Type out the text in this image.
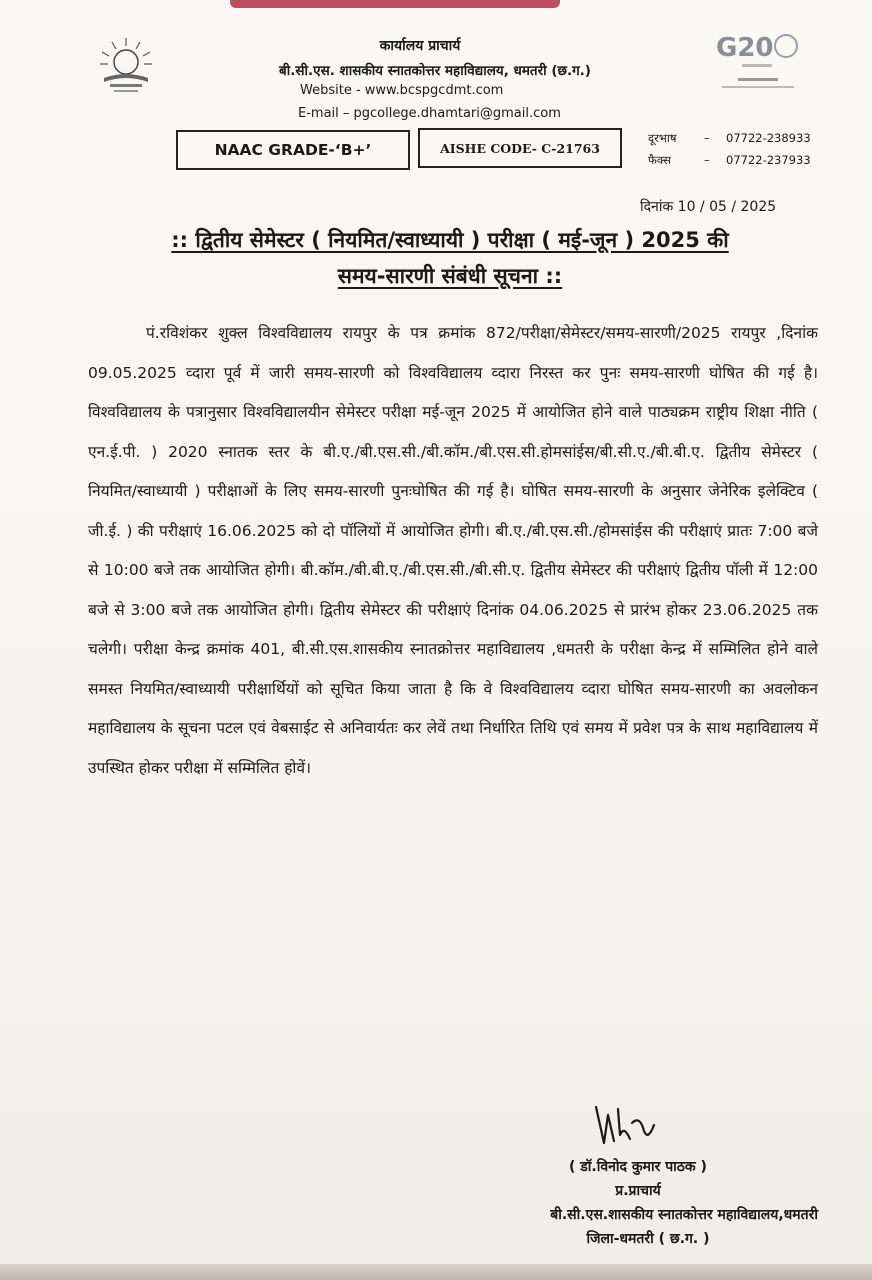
G20
कार्यालय प्राचार्य
बी.सी.एस. शासकीय स्नातकोत्तर महाविद्यालय, धमतरी (छ.ग.)
Website - www.bcspgcdmt.com
E-mail – pgcollege.dhamtari@gmail.com
NAAC GRADE-‘B+’	AISHE CODE- C-21763
दूरभाष – 07722-238933
फैक्स	– 07722-237933
दिनांक 10 / 05 / 2025
:: द्वितीय सेमेस्टर ( नियमित/स्वाध्यायी ) परीक्षा ( मई-जून ) 2025 की
समय-सारणी संबंधी सूचना ::
पं.रविशंकर शुक्ल विश्वविद्यालय रायपुर के पत्र क्रमांक 872/परीक्षा/सेमेस्टर/समय-सारणी/2025 रायपुर ,दिनांक 09.05.2025 व्दारा पूर्व में जारी समय-सारणी को विश्वविद्यालय व्दारा निरस्त कर पुनः समय-सारणी घोषित की गई है। विश्वविद्यालय के पत्रानुसार विश्वविद्यालयीन सेमेस्टर परीक्षा मई-जून 2025 में आयोजित होने वाले पाठ्यक्रम राष्ट्रीय शिक्षा नीति ( एन.ई.पी. ) 2020 स्नातक स्तर के बी.ए./बी.एस.सी./बी.कॉम./बी.एस.सी.होमसांईस/बी.सी.ए./बी.बी.ए. द्वितीय सेमेस्टर ( नियमित/स्वाध्यायी ) परीक्षाओं के लिए समय-सारणी पुनःघोषित की गई है। घोषित समय-सारणी के अनुसार जेनेरिक इलेक्टिव ( जी.ई. ) की परीक्षाएं 16.06.2025 को दो पॉलियों में आयोजित होगी। बी.ए./बी.एस.सी./होमसांईस की परीक्षाएं प्रातः 7:00 बजे से 10:00 बजे तक आयोजित होगी। बी.कॉम./बी.बी.ए./बी.एस.सी./बी.सी.ए. द्वितीय सेमेस्टर की परीक्षाएं द्वितीय पॉली में 12:00 बजे से 3:00 बजे तक आयोजित होगी। द्वितीय सेमेस्टर की परीक्षाएं दिनांक 04.06.2025 से प्रारंभ होकर 23.06.2025 तक चलेगी। परीक्षा केन्द्र क्रमांक 401, बी.सी.एस.शासकीय स्नातक्रोत्तर महाविद्यालय ,धमतरी के परीक्षा केन्द्र में सम्मिलित होने वाले समस्त नियमित/स्वाध्यायी परीक्षार्थियों को सूचित किया जाता है कि वे विश्वविद्यालय व्दारा घोषित समय-सारणी का अवलोकन महाविद्यालय के सूचना पटल एवं वेबसाईट से अनिवार्यतः कर लेवें तथा निर्धारित तिथि एवं समय में प्रवेश पत्र के साथ महाविद्यालय में उपस्थित होकर परीक्षा में सम्मिलित होवें।
( डॉ.विनोद कुमार पाठक )
प्र.प्राचार्य
बी.सी.एस.शासकीय स्नातकोत्तर महाविद्यालय,धमतरी
जिला-धमतरी ( छ.ग. )
